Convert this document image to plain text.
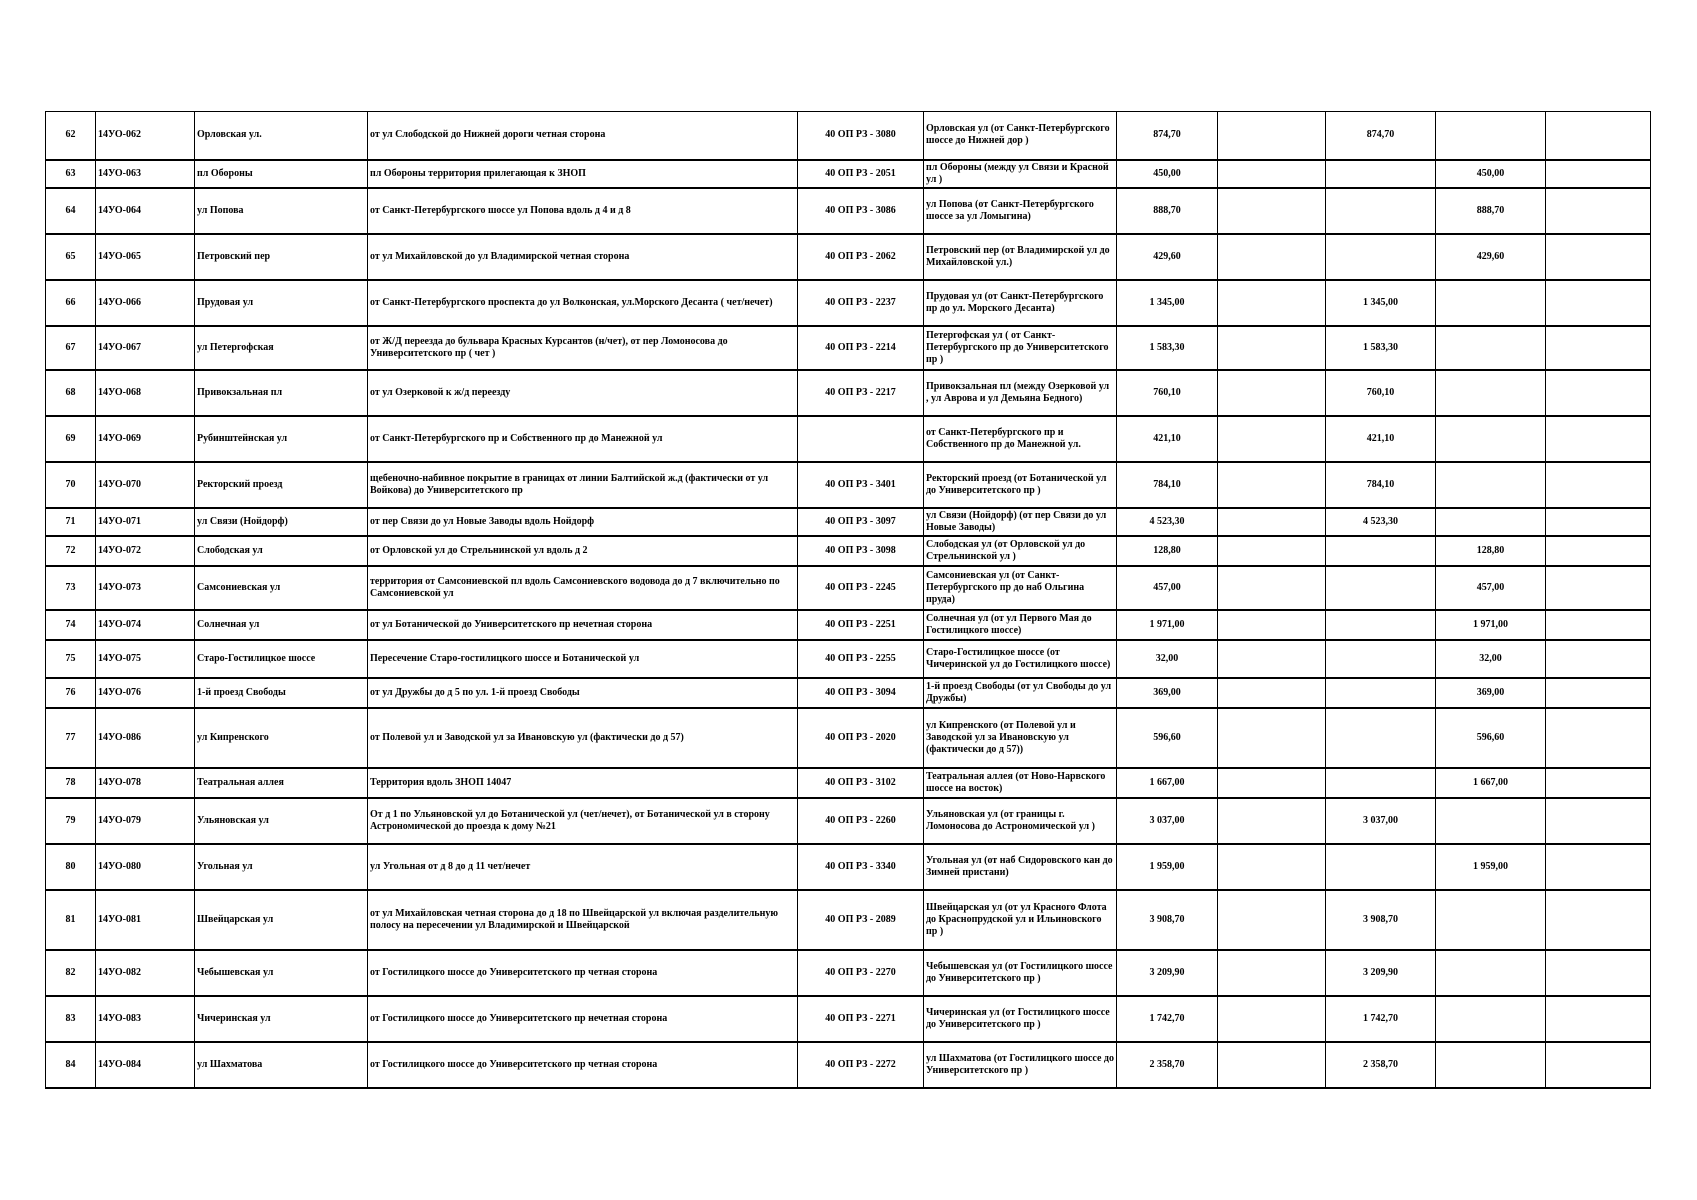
62	14УО-062	Орловская ул.	от ул Слободской до Нижней дороги четная сторона	40 ОП РЗ - 3080	Орловская ул (от Санкт-Петербургского шоссе до Нижней дор )	874,70		874,70		
63	14УО-063	пл Обороны	пл Обороны территория прилегающая к ЗНОП	40 ОП РЗ - 2051	пл Обороны (между ул Связи и Красной ул )	450,00			450,00	
64	14УО-064	ул Попова	от Санкт-Петербургского шоссе ул Попова вдоль д 4 и д 8	40 ОП РЗ - 3086	ул Попова (от Санкт-Петербургского шоссе за ул Ломыгина)	888,70			888,70	
65	14УО-065	Петровский пер	от ул Михайловской до ул Владимирской четная сторона	40 ОП РЗ - 2062	Петровский пер (от Владимирской ул до Михайловской ул.)	429,60			429,60	
66	14УО-066	Прудовая ул	от Санкт-Петербургского проспекта до ул Волконская, ул.Морского Десанта ( чет/нечет)	40 ОП РЗ - 2237	Прудовая ул (от Санкт-Петербургского пр до ул. Морского Десанта)	1 345,00		1 345,00		
67	14УО-067	ул Петергофская	от Ж/Д переезда до бульвара Красных Курсантов (н/чет), от пер Ломоносова до Университетского пр ( чет )	40 ОП РЗ - 2214	Петергофская ул ( от Санкт-Петербургского пр до Университетского пр )	1 583,30		1 583,30		
68	14УО-068	Привокзальная пл	от ул Озерковой к ж/д переезду	40 ОП РЗ - 2217	Привокзальная пл (между Озерковой ул , ул Аврова и ул Демьяна Бедного)	760,10		760,10		
69	14УО-069	Рубинштейнская ул	от Санкт-Петербургского пр и Собственного пр до Манежной ул		от Санкт-Петербургского пр и Собственного пр до Манежной ул.	421,10		421,10		
70	14УО-070	Ректорский проезд	щебеночно-набивное покрытие в границах от линии Балтийской ж.д (фактически от ул Войкова) до Университетского пр	40 ОП РЗ - 3401	Ректорский проезд (от Ботанической ул до Университетского пр )	784,10		784,10		
71	14УО-071	ул Связи (Нойдорф)	от пер Связи до ул Новые Заводы вдоль Нойдорф	40 ОП РЗ - 3097	ул Связи (Нойдорф) (от пер Связи до ул Новые Заводы)	4 523,30		4 523,30		
72	14УО-072	Слободская ул	от Орловской ул до Стрельнинской ул вдоль д 2	40 ОП РЗ - 3098	Слободская ул (от Орловской ул до Стрельнинской ул )	128,80			128,80	
73	14УО-073	Самсониевская ул	территория от Самсониевской пл вдоль Самсониевского водовода до д 7 включительно по Самсониевской ул	40 ОП РЗ - 2245	Самсониевская ул (от Санкт-Петербургского пр до наб Ольгина пруда)	457,00			457,00	
74	14УО-074	Солнечная ул	от ул Ботанической до Университетского пр нечетная сторона	40 ОП РЗ - 2251	Солнечная ул (от ул Первого Мая до Гостилицкого шоссе)	1 971,00			1 971,00	
75	14УО-075	Старо-Гостилицкое шоссе	Пересечение Старо-гостилицкого шоссе и Ботанической ул	40 ОП РЗ - 2255	Старо-Гостилицкое шоссе (от Чичеринской ул до Гостилицкого шоссе)	32,00			32,00	
76	14УО-076	1-й проезд Свободы	от ул Дружбы до д 5 по ул. 1-й проезд Свободы	40 ОП РЗ - 3094	1-й проезд Свободы (от ул Свободы до ул Дружбы)	369,00			369,00	
77	14УО-086	ул Кипренского	от Полевой ул и Заводской ул за Ивановскую ул (фактически до д 57)	40 ОП РЗ - 2020	ул Кипренского (от Полевой ул и Заводской ул за Ивановскую ул (фактически до д 57))	596,60			596,60	
78	14УО-078	Театральная аллея	Территория вдоль ЗНОП 14047	40 ОП РЗ - 3102	Театральная аллея (от Ново-Нарвского шоссе на восток)	1 667,00			1 667,00	
79	14УО-079	Ульяновская ул	От д 1 по Ульяновской ул до Ботанической ул (чет/нечет), от Ботанической ул в сторону Астрономической до проезда к дому №21	40 ОП РЗ - 2260	Ульяновская ул (от границы г. Ломоносова до Астрономической ул )	3 037,00		3 037,00		
80	14УО-080	Угольная ул	ул Угольная от д 8 до д 11 чет/нечет	40 ОП РЗ - 3340	Угольная ул (от наб Сидоровского кан до Зимней пристани)	1 959,00			1 959,00	
81	14УО-081	Швейцарская ул	от ул Михайловская четная сторона до д 18 по Швейцарской ул включая разделительную полосу на пересечении ул Владимирской и Швейцарской	40 ОП РЗ - 2089	Швейцарская ул (от ул Красного Флота до Краснопрудской ул и Ильиновского пр )	3 908,70		3 908,70		
82	14УО-082	Чебышевская ул	от Гостилицкого шоссе до Университетского пр четная сторона	40 ОП РЗ - 2270	Чебышевская ул (от Гостилицкого шоссе до Университетского пр )	3 209,90		3 209,90		
83	14УО-083	Чичеринская ул	от Гостилицкого шоссе до Университетского пр нечетная сторона	40 ОП РЗ - 2271	Чичеринская ул (от Гостилицкого шоссе до Университетского пр )	1 742,70		1 742,70		
84	14УО-084	ул Шахматова	от Гостилицкого шоссе до Университетского пр четная сторона	40 ОП РЗ - 2272	ул Шахматова (от Гостилицкого шоссе до Университетского пр )	2 358,70		2 358,70		
